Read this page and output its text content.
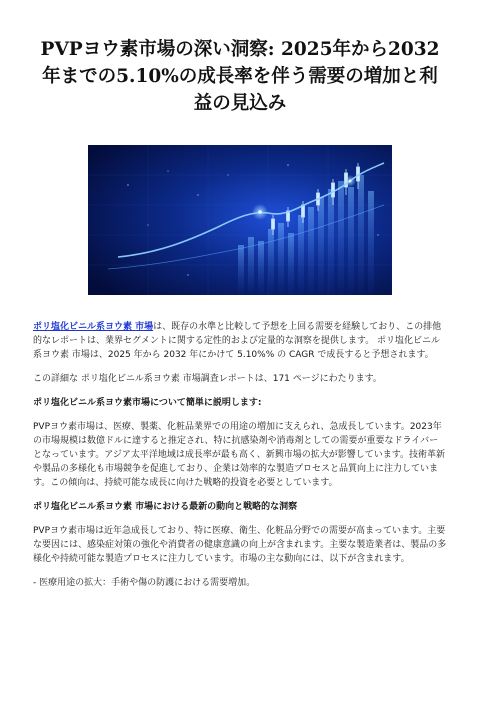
PVPヨウ素市場の深い洞察: 2025年から2032年までの5.10%の成長率を伴う需要の増加と利益の見込み

ポリ塩化ビニル系ヨウ素 市場は、既存の水準と比較して予想を上回る需要を経験しており、この排他的なレポートは、業界セグメントに関する定性的および定量的な洞察を提供します。 ポリ塩化ビニル系ヨウ素 市場は、2025 年から 2032 年にかけて 5.10%% の CAGR で成長すると予想されます。

この詳細な ポリ塩化ビニル系ヨウ素 市場調査レポートは、171 ページにわたります。

ポリ塩化ビニル系ヨウ素市場について簡単に説明します:

PVPヨウ素市場は、医療、製薬、化粧品業界での用途の増加に支えられ、急成長しています。2023年の市場規模は数億ドルに達すると推定され、特に抗感染剤や消毒剤としての需要が重要なドライバーとなっています。アジア太平洋地域は成長率が最も高く、新興市場の拡大が影響しています。技術革新や製品の多様化も市場競争を促進しており、企業は効率的な製造プロセスと品質向上に注力しています。この傾向は、持続可能な成長に向けた戦略的投資を必要としています。

ポリ塩化ビニル系ヨウ素 市場における最新の動向と戦略的な洞察

PVPヨウ素市場は近年急成長しており、特に医療、衛生、化粧品分野での需要が高まっています。主要な要因には、感染症対策の強化や消費者の健康意識の向上が含まれます。主要な製造業者は、製品の多様化や持続可能な製造プロセスに注力しています。市場の主な動向には、以下が含まれます。

- 医療用途の拡大：手術や傷の防護における需要増加。
